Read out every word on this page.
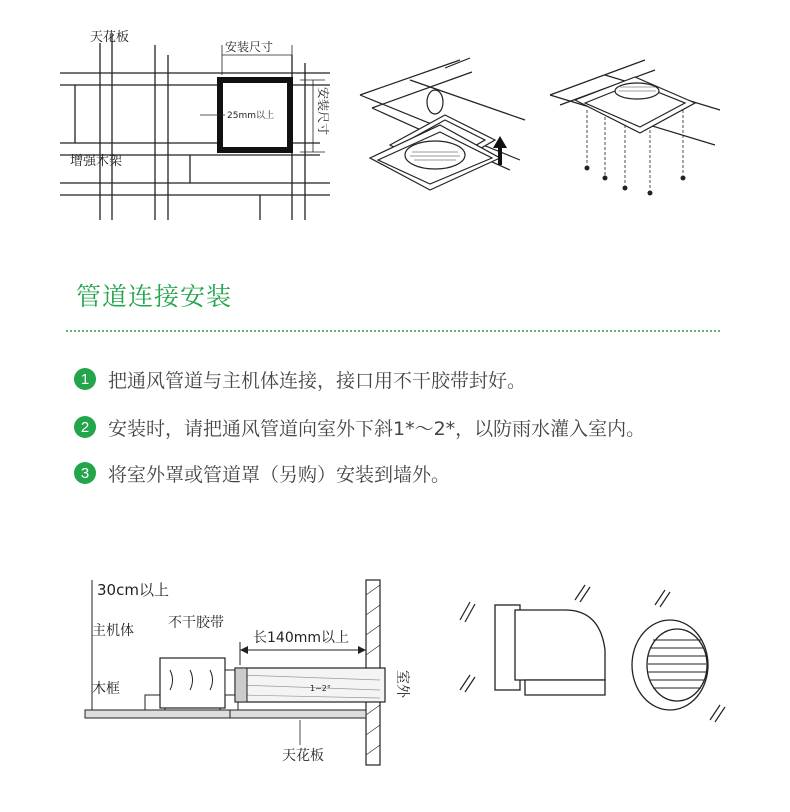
天花板
安装尺寸
25mm以上	安装尺寸
增强木架
管道连接安装
1 把通风管道与主机体连接，接口用不干胶带封好。
2 安装时，请把通风管道向室外下斜1*～2*，以防雨水灌入室内。
3 将室外罩或管道罩（另购）安装到墙外。
30cm以上
主机体 不干胶带
长140mm以上
木框	1~2°
天花板
室外
